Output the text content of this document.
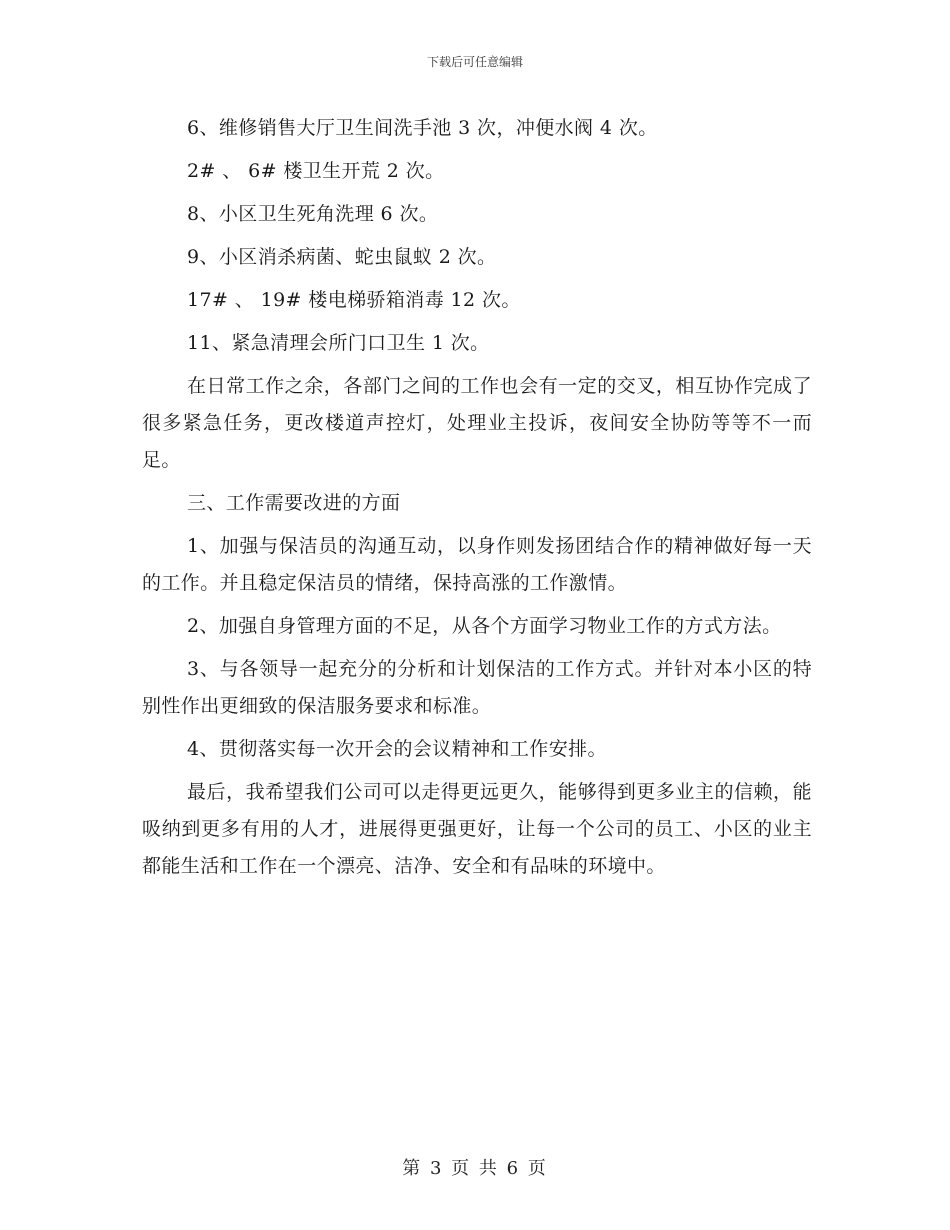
下载后可任意编辑

6、维修销售大厅卫生间洗手池 3 次，冲便水阀 4 次。

2# 、 6# 楼卫生开荒 2 次。

8、小区卫生死角洗理 6 次。

9、小区消杀病菌、蛇虫鼠蚁 2 次。

17# 、 19# 楼电梯骄箱消毒 12 次。

11、紧急清理会所门口卫生 1 次。

在日常工作之余，各部门之间的工作也会有一定的交叉，相互协作完成了很多紧急任务，更改楼道声控灯，处理业主投诉，夜间安全协防等等不一而足。

三、工作需要改进的方面

1、加强与保洁员的沟通互动，以身作则发扬团结合作的精神做好每一天的工作。并且稳定保洁员的情绪，保持高涨的工作激情。

2、加强自身管理方面的不足，从各个方面学习物业工作的方式方法。

3、与各领导一起充分的分析和计划保洁的工作方式。并针对本小区的特别性作出更细致的保洁服务要求和标准。

4、贯彻落实每一次开会的会议精神和工作安排。

最后，我希望我们公司可以走得更远更久，能够得到更多业主的信赖，能吸纳到更多有用的人才，进展得更强更好，让每一个公司的员工、小区的业主都能生活和工作在一个漂亮、洁净、安全和有品味的环境中。

第 3 页 共 6 页
